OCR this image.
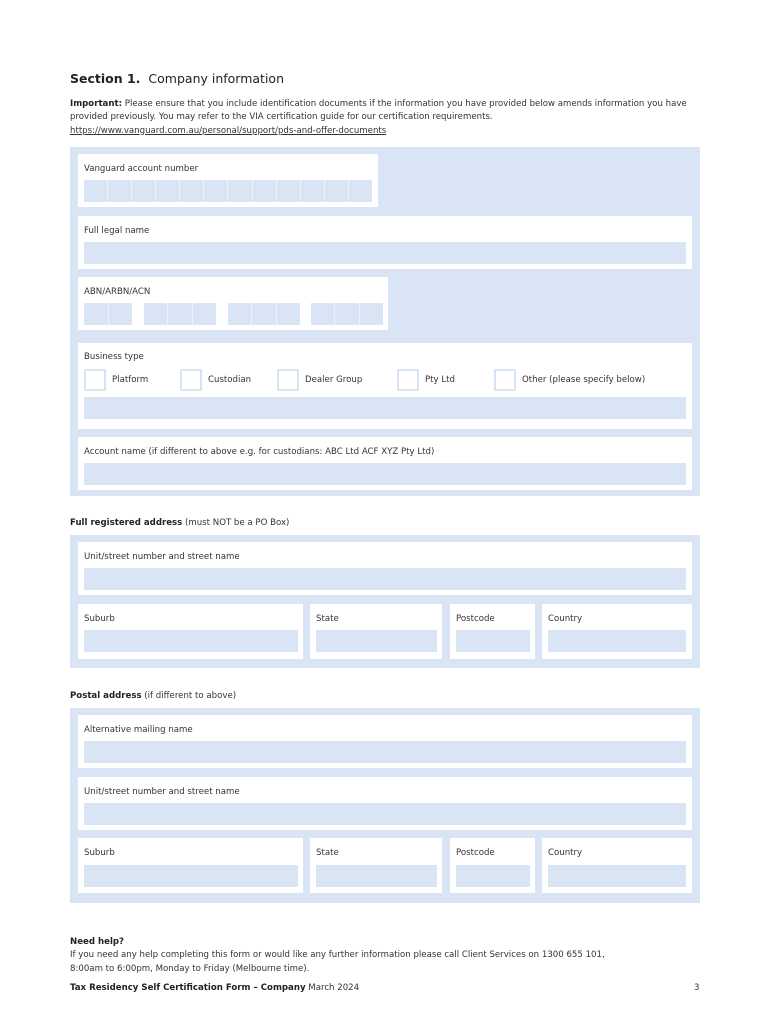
Section 1. Company information
Important: Please ensure that you include identification documents if the information you have provided below amends information you have provided previously. You may refer to the VIA certification guide for our certification requirements.
https://www.vanguard.com.au/personal/support/pds-and-offer-documents
Vanguard account number
Full legal name
ABN/ARBN/ACN
Business type
Platform	Custodian	Dealer Group	Pty Ltd	Other (please specify below)
Account name (if different to above e.g. for custodians: ABC Ltd ACF XYZ Pty Ltd)
Full registered address (must NOT be a PO Box)
Unit/street number and street name
Suburb	State	Postcode	Country
Postal address (if different to above)
Alternative mailing name
Unit/street number and street name
Suburb	State	Postcode	Country
Need help?
If you need any help completing this form or would like any further information please call Client Services on 1300 655 101,
8:00am to 6:00pm, Monday to Friday (Melbourne time).
Tax Residency Self Certification Form – Company March 2024	3
